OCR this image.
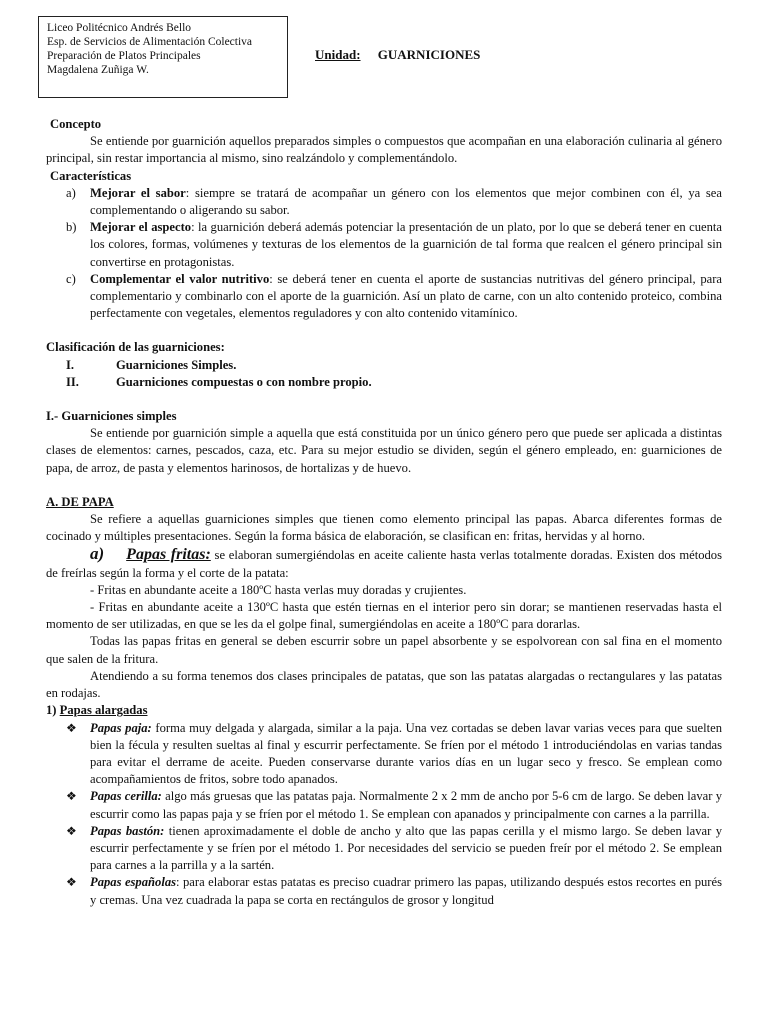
Liceo Politécnico Andrés Bello
Esp. de Servicios de Alimentación Colectiva
Preparación de Platos Principales
Magdalena Zuñiga W.
Unidad: GUARNICIONES
Concepto

Se entiende por guarnición aquellos preparados simples o compuestos que acompañan en una elaboración culinaria al género principal, sin restar importancia al mismo, sino realzándolo y complementándolo.

Características
a) Mejorar el sabor: siempre se tratará de acompañar un género con los elementos que mejor combinen con él, ya sea complementando o aligerando su sabor.
b) Mejorar el aspecto: la guarnición deberá además potenciar la presentación de un plato, por lo que se deberá tener en cuenta los colores, formas, volúmenes y texturas de los elementos de la guarnición de tal forma que realcen el género principal sin convertirse en protagonistas.
c) Complementar el valor nutritivo: se deberá tener en cuenta el aporte de sustancias nutritivas del género principal, para complementario y combinarlo con el aporte de la guarnición. Así un plato de carne, con un alto contenido proteico, combina perfectamente con vegetales, elementos reguladores y con alto contenido vitamínico.
Clasificación de las guarniciones:
I.	Guarniciones Simples.
II.	Guarniciones compuestas o con nombre propio.
I.- Guarniciones simples

Se entiende por guarnición simple a aquella que está constituida por un único género pero que puede ser aplicada a distintas clases de elementos: carnes, pescados, caza, etc. Para su mejor estudio se dividen, según el género empleado, en: guarniciones de papa, de arroz, de pasta y elementos harinosos, de hortalizas y de huevo.

A. DE PAPA

Se refiere a aquellas guarniciones simples que tienen como elemento principal las papas. Abarca diferentes formas de cocinado y múltiples presentaciones. Según la forma básica de elaboración, se clasifican en: fritas, hervidas y al horno.

a) Papas fritas: se elaboran sumergiéndolas en aceite caliente hasta verlas totalmente doradas. Existen dos métodos de freírlas según la forma y el corte de la patata:

- Fritas en abundante aceite a 180ºC hasta verlas muy doradas y crujientes.

- Fritas en abundante aceite a 130ºC hasta que estén tiernas en el interior pero sin dorar; se mantienen reservadas hasta el momento de ser utilizadas, en que se les da el golpe final, sumergiéndolas en aceite a 180ºC para dorarlas.

Todas las papas fritas en general se deben escurrir sobre un papel absorbente y se espolvorean con sal fina en el momento que salen de la fritura.

Atendiendo a su forma tenemos dos clases principales de patatas, que son las patatas alargadas o rectangulares y las patatas en rodajas.

1) Papas alargadas
❖ Papas paja: forma muy delgada y alargada, similar a la paja. Una vez cortadas se deben lavar varias veces para que suelten bien la fécula y resulten sueltas al final y escurrir perfectamente. Se fríen por el método 1 introduciéndolas en varias tandas para evitar el derrame de aceite. Pueden conservarse durante varios días en un lugar seco y fresco. Se emplean como acompañamientos de fritos, sobre todo apanados.
❖ Papas cerilla: algo más gruesas que las patatas paja. Normalmente 2 x 2 mm de ancho por 5-6 cm de largo. Se deben lavar y escurrir como las papas paja y se fríen por el método 1. Se emplean con apanados y principalmente con carnes a la parrilla.
❖ Papas bastón: tienen aproximadamente el doble de ancho y alto que las papas cerilla y el mismo largo. Se deben lavar y escurrir perfectamente y se fríen por el método 1. Por necesidades del servicio se pueden freír por el método 2. Se emplean para carnes a la parrilla y a la sartén.
❖ Papas españolas: para elaborar estas patatas es preciso cuadrar primero las papas, utilizando después estos recortes en purés y cremas. Una vez cuadrada la papa se corta en rectángulos de grosor y longitud
